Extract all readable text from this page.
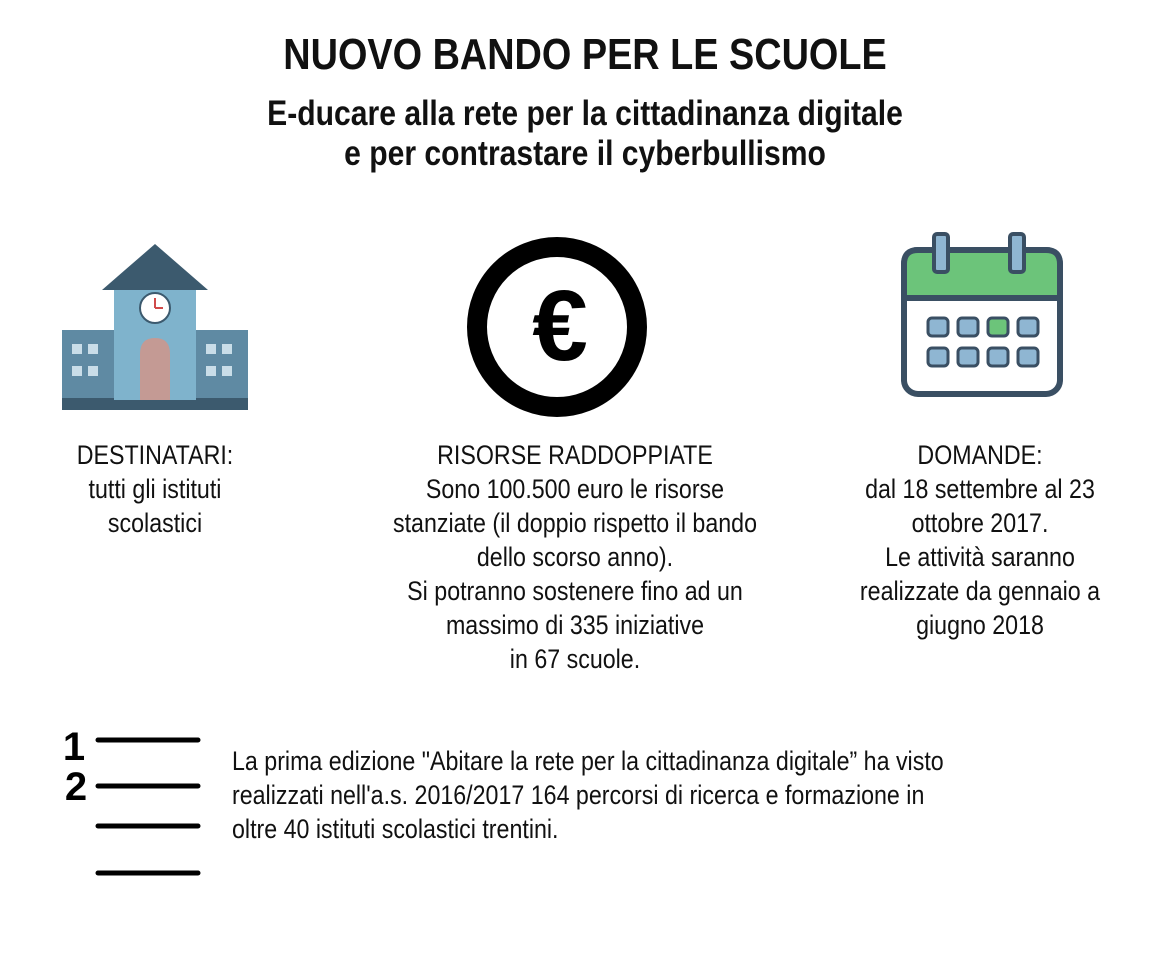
NUOVO BANDO PER LE SCUOLE
E-ducare alla rete per la cittadinanza digitale
e per contrastare il cyberbullismo
€
DESTINATARI:
tutti gli istituti
scolastici
RISORSE RADDOPPIATE
Sono 100.500 euro le risorse
stanziate (il doppio rispetto il bando
dello scorso anno).
Si potranno sostenere fino ad un
massimo di 335 iniziative
in 67 scuole.
DOMANDE:
dal 18 settembre al 23
ottobre 2017.
Le attività saranno
realizzate da gennaio a
giugno 2018
1
2
La prima edizione "Abitare la rete per la cittadinanza digitale” ha visto
realizzati nell'a.s. 2016/2017 164 percorsi di ricerca e formazione in
oltre 40 istituti scolastici trentini.
